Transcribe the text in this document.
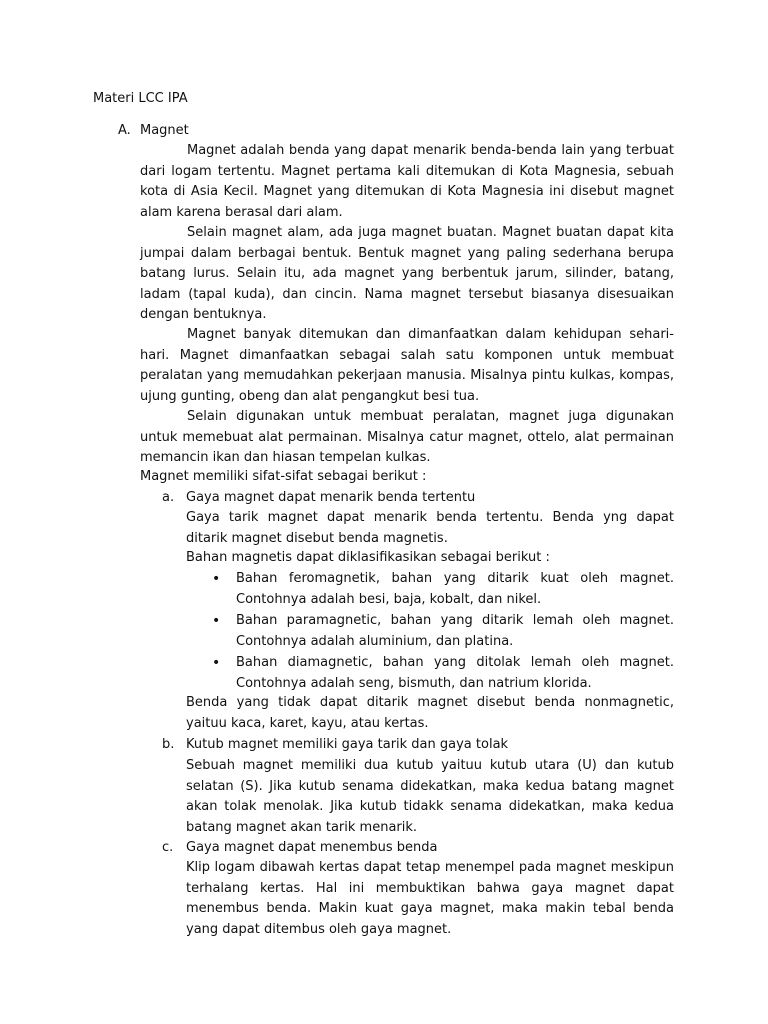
Materi LCC IPA
A. Magnet
Magnet adalah benda yang dapat menarik benda-benda lain yang terbuat dari logam tertentu. Magnet pertama kali ditemukan di Kota Magnesia, sebuah kota di Asia Kecil. Magnet yang ditemukan di Kota Magnesia ini disebut magnet alam karena berasal dari alam.
Selain magnet alam, ada juga magnet buatan. Magnet buatan dapat kita jumpai dalam berbagai bentuk. Bentuk magnet yang paling sederhana berupa batang lurus. Selain itu, ada magnet yang berbentuk jarum, silinder, batang, ladam (tapal kuda), dan cincin. Nama magnet tersebut biasanya disesuaikan dengan bentuknya.
Magnet banyak ditemukan dan dimanfaatkan dalam kehidupan sehari-hari. Magnet dimanfaatkan sebagai salah satu komponen untuk membuat peralatan yang memudahkan pekerjaan manusia. Misalnya pintu kulkas, kompas, ujung gunting, obeng dan alat pengangkut besi tua.
Selain digunakan untuk membuat peralatan, magnet juga digunakan untuk memebuat alat permainan. Misalnya catur magnet, ottelo, alat permainan memancin ikan dan hiasan tempelan kulkas.
Magnet memiliki sifat-sifat sebagai berikut :
a. Gaya magnet dapat menarik benda tertentu
Gaya tarik magnet dapat menarik benda tertentu. Benda yng dapat ditarik magnet disebut benda magnetis.
Bahan magnetis dapat diklasifikasikan sebagai berikut :
• Bahan feromagnetik, bahan yang ditarik kuat oleh magnet. Contohnya adalah besi, baja, kobalt, dan nikel.
• Bahan paramagnetic, bahan yang ditarik lemah oleh magnet. Contohnya adalah aluminium, dan platina.
• Bahan diamagnetic, bahan yang ditolak lemah oleh magnet. Contohnya adalah seng, bismuth, dan natrium klorida.
Benda yang tidak dapat ditarik magnet disebut benda nonmagnetic, yaituu kaca, karet, kayu, atau kertas.
b. Kutub magnet memiliki gaya tarik dan gaya tolak
Sebuah magnet memiliki dua kutub yaituu kutub utara (U) dan kutub selatan (S). Jika kutub senama didekatkan, maka kedua batang magnet akan tolak menolak. Jika kutub tidakk senama didekatkan, maka kedua batang magnet akan tarik menarik.
c. Gaya magnet dapat menembus benda
Klip logam dibawah kertas dapat tetap menempel pada magnet meskipun terhalang kertas. Hal ini membuktikan bahwa gaya magnet dapat menembus benda. Makin kuat gaya magnet, maka makin tebal benda yang dapat ditembus oleh gaya magnet.
